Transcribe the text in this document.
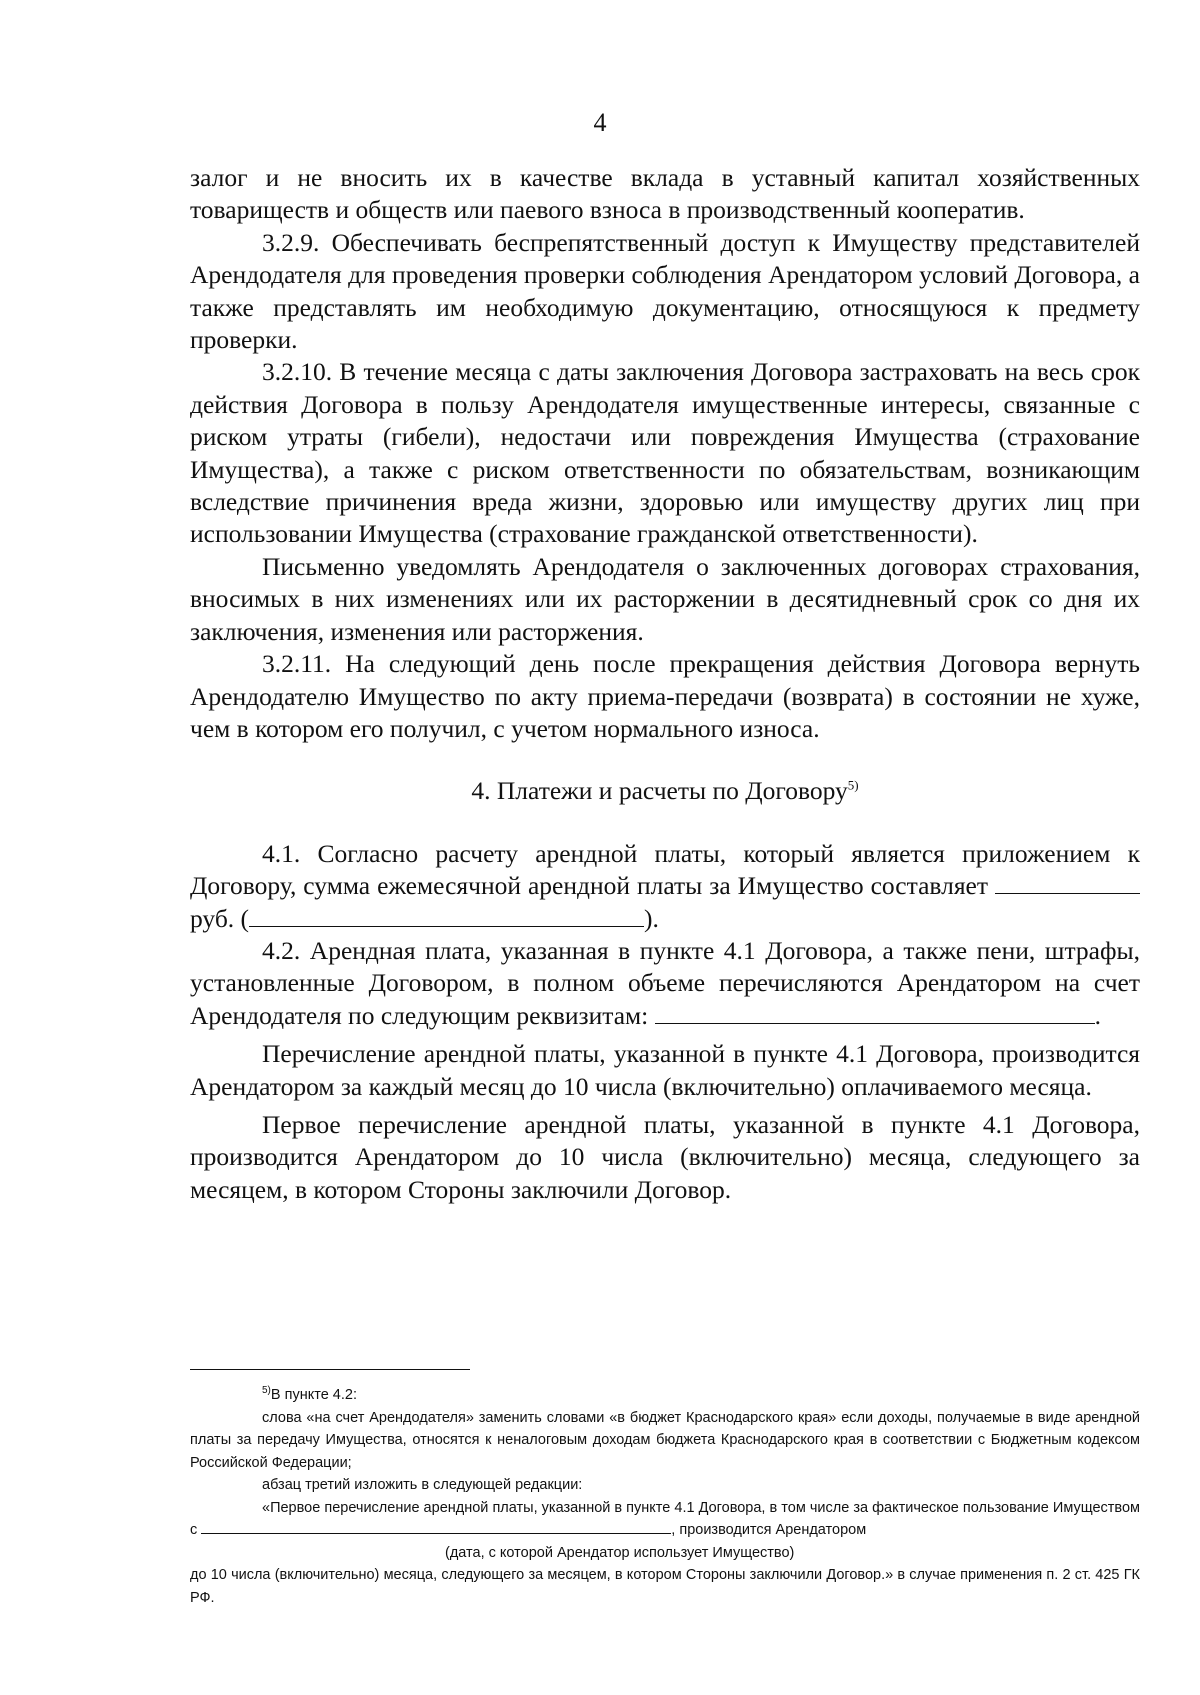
4

залог и не вносить их в качестве вклада в уставный капитал хозяйственных товариществ и обществ или паевого взноса в производственный кооператив.

3.2.9. Обеспечивать беспрепятственный доступ к Имуществу представителей Арендодателя для проведения проверки соблюдения Арендатором условий Договора, а также представлять им необходимую документацию, относящуюся к предмету проверки.

3.2.10. В течение месяца с даты заключения Договора застраховать на весь срок действия Договора в пользу Арендодателя имущественные интересы, связанные с риском утраты (гибели), недостачи или повреждения Имущества (страхование Имущества), а также с риском ответственности по обязательствам, возникающим вследствие причинения вреда жизни, здоровью или имуществу других лиц при использовании Имущества (страхование гражданской ответственности).

Письменно уведомлять Арендодателя о заключенных договорах страхования, вносимых в них изменениях или их расторжении в десятидневный срок со дня их заключения, изменения или расторжения.

3.2.11. На следующий день после прекращения действия Договора вернуть Арендодателю Имущество по акту приема-передачи (возврата) в состоянии не хуже, чем в котором его получил, с учетом нормального износа.

4. Платежи и расчеты по Договору$^{5)}$

4.1. Согласно расчету арендной платы, который является приложением к Договору, сумма ежемесячной арендной платы за Имущество составляет  руб. (	).

4.2. Арендная плата, указанная в пункте 4.1 Договора, а также пени, штрафы, установленные Договором, в полном объеме перечисляются Арендатором на счет Арендодателя по следующим реквизитам:	.

Перечисление арендной платы, указанной в пункте 4.1 Договора, производится Арендатором за каждый месяц до 10 числа (включительно) оплачиваемого месяца.

Первое перечисление арендной платы, указанной в пункте 4.1 Договора, производится Арендатором до 10 числа (включительно) месяца, следующего за месяцем, в котором Стороны заключили Договор.

$^{5)}$В пункте 4.2:

слова «на счет Арендодателя» заменить словами «в бюджет Краснодарского края» если доходы, получаемые в виде арендной платы за передачу Имущества, относятся к неналоговым доходам бюджета Краснодарского края в соответствии с Бюджетным кодексом Российской Федерации;

абзац третий изложить в следующей редакции:

«Первое перечисление арендной платы, указанной в пункте 4.1 Договора, в том числе за фактическое пользование Имуществом с	, производится Арендатором

(дата, с которой Арендатор использует Имущество)

до 10 числа (включительно) месяца, следующего за месяцем, в котором Стороны заключили Договор.» в случае применения п. 2 ст. 425 ГК РФ.
